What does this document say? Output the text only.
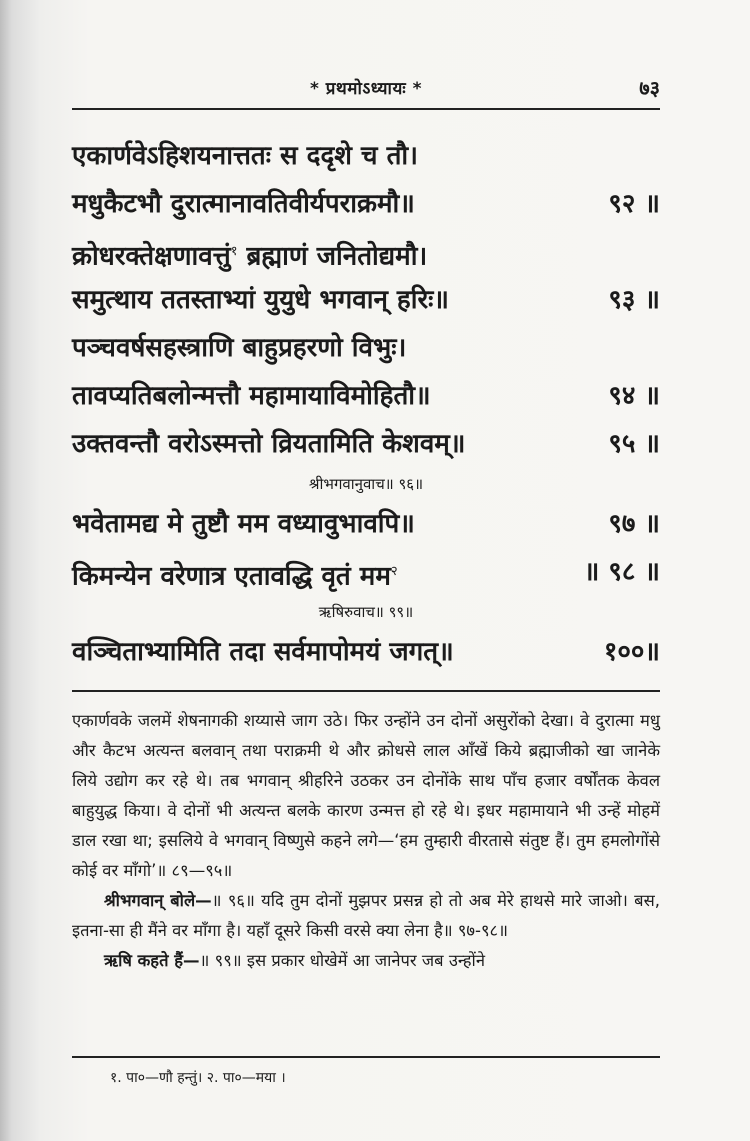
* प्रथमोऽध्यायः *	७३
एकार्णवेऽहिशयनात्ततः स ददृशे च तौ।
मधुकैटभौ दुरात्मानावतिवीर्यपराक्रमौ॥	९२ ॥
क्रोधरक्तेक्षणावत्तुं$^१$ ब्रह्माणं जनितोद्यमौ।
समुत्थाय ततस्ताभ्यां युयुधे भगवान् हरिः॥	९३ ॥
पञ्चवर्षसहस्त्राणि बाहुप्रहरणो विभुः।
तावप्यतिबलोन्मत्तौ महामायाविमोहितौ॥	९४ ॥
उक्तवन्तौ वरोऽस्मत्तो व्रियतामिति केशवम्॥	९५ ॥
श्रीभगवानुवाच॥ ९६॥
भवेतामद्य मे तुष्टौ मम वध्यावुभावपि॥	९७ ॥
किमन्येन वरेणात्र एतावद्धि वृतं मम$^२$	॥ ९८ ॥
ऋषिरुवाच॥ ९९॥
वञ्चिताभ्यामिति तदा सर्वमापोमयं जगत्॥	१००॥

एकार्णवके जलमें शेषनागकी शय्यासे जाग उठे। फिर उन्होंने उन दोनों असुरोंको देखा। वे दुरात्मा मधु और कैटभ अत्यन्त बलवान् तथा पराक्रमी थे और क्रोधसे लाल आँखें किये ब्रह्माजीको खा जानेके लिये उद्योग कर रहे थे। तब भगवान् श्रीहरिने उठकर उन दोनोंके साथ पाँच हजार वर्षोंतक केवल बाहुयुद्ध किया। वे दोनों भी अत्यन्त बलके कारण उन्मत्त हो रहे थे। इधर महामायाने भी उन्हें मोहमें डाल रखा था; इसलिये वे भगवान् विष्णुसे कहने लगे—‘हम तुम्हारी वीरतासे संतुष्ट हैं। तुम हमलोगोंसे कोई वर माँगो’॥ ८९—९५॥

श्रीभगवान् बोले—॥ ९६॥ यदि तुम दोनों मुझपर प्रसन्न हो तो अब मेरे हाथसे मारे जाओ। बस, इतना-सा ही मैंने वर माँगा है। यहाँ दूसरे किसी वरसे क्या लेना है॥ ९७-९८॥

ऋषि कहते हैं—॥ ९९॥ इस प्रकार धोखेमें आ जानेपर जब उन्होंने

१. पा०—णौ हन्तुं। २. पा०—मया ।
